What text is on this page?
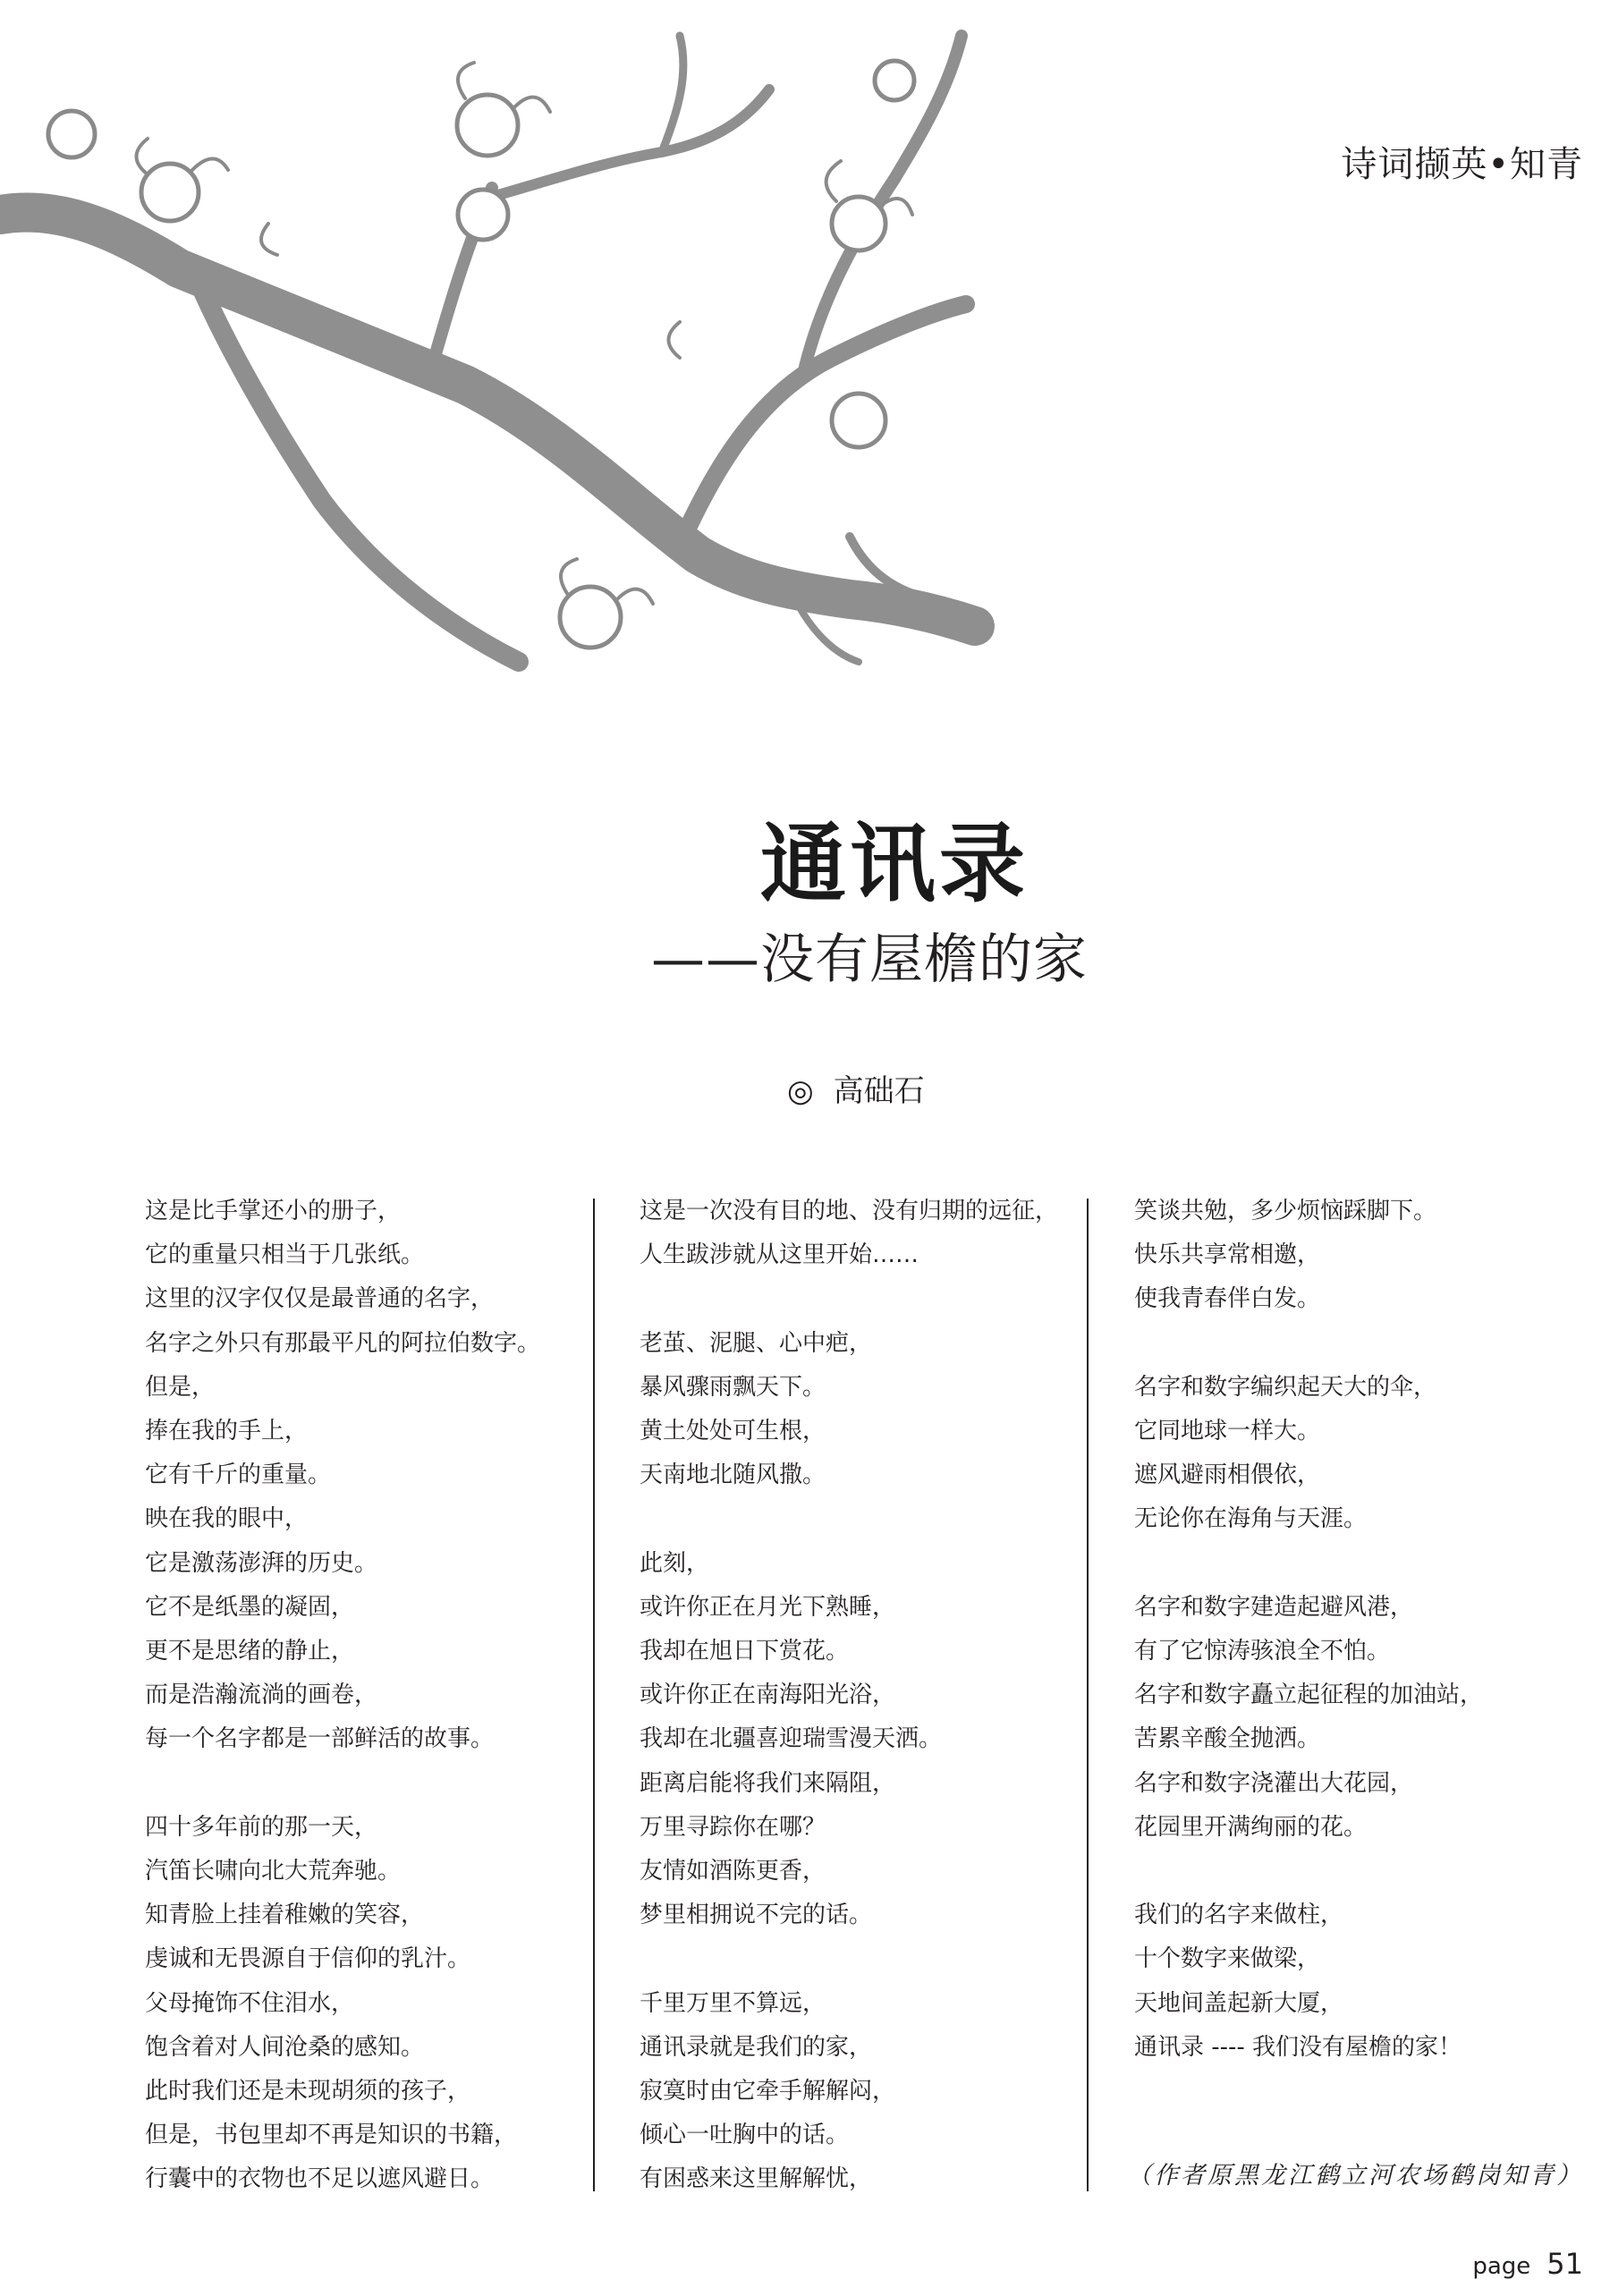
诗词撷英•知青
通讯录
——没有屋檐的家
◎ 高础石

这是比手掌还小的册子，

它的重量只相当于几张纸。

这里的汉字仅仅是最普通的名字，

名字之外只有那最平凡的阿拉伯数字。

但是，

捧在我的手上，

它有千斤的重量。

映在我的眼中，

它是激荡澎湃的历史。

它不是纸墨的凝固，

更不是思绪的静止，

而是浩瀚流淌的画卷，

每一个名字都是一部鲜活的故事。

四十多年前的那一天，

汽笛长啸向北大荒奔驰。

知青脸上挂着稚嫩的笑容，

虔诚和无畏源自于信仰的乳汁。

父母掩饰不住泪水，

饱含着对人间沧桑的感知。

此时我们还是未现胡须的孩子，

但是，书包里却不再是知识的书籍，

行囊中的衣物也不足以遮风避日。

这是一次没有目的地、没有归期的远征，

人生跋涉就从这里开始……

老茧、泥腿、心中疤，

暴风骤雨飘天下。

黄土处处可生根，

天南地北随风撒。

此刻，

或许你正在月光下熟睡，

我却在旭日下赏花。

或许你正在南海阳光浴，

我却在北疆喜迎瑞雪漫天洒。

距离启能将我们来隔阻，

万里寻踪你在哪？

友情如酒陈更香，

梦里相拥说不完的话。

千里万里不算远，

通讯录就是我们的家，

寂寞时由它牵手解解闷，

倾心一吐胸中的话。

有困惑来这里解解忧，

笑谈共勉，多少烦恼踩脚下。

快乐共享常相邀，

使我青春伴白发。

名字和数字编织起天大的伞，

它同地球一样大。

遮风避雨相偎依，

无论你在海角与天涯。

名字和数字建造起避风港，

有了它惊涛骇浪全不怕。

名字和数字矗立起征程的加油站，

苦累辛酸全抛洒。

名字和数字浇灌出大花园，

花园里开满绚丽的花。

我们的名字来做柱，

十个数字来做梁，

天地间盖起新大厦，

通讯录 ---- 我们没有屋檐的家！

（作者原黑龙江鹤立河农场鹤岗知青）
page 51
